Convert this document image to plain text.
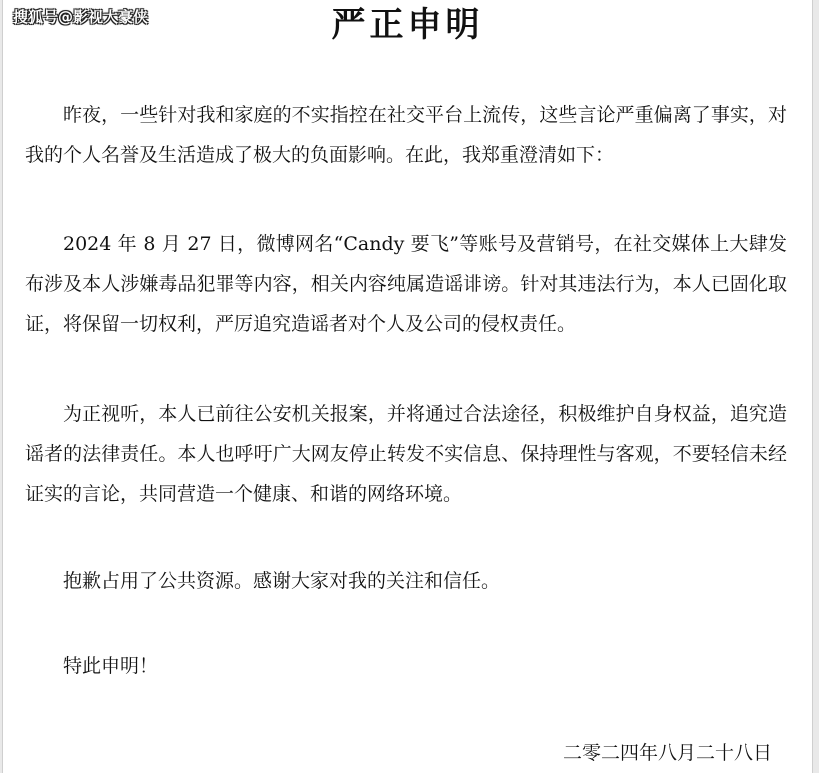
搜狐号@影视大豪侠	严正申明
昨夜，一些针对我和家庭的不实指控在社交平台上流传，这些言论严重偏离了事实，对我的个人名誉及生活造成了极大的负面影响。在此，我郑重澄清如下：
2024 年 8 月 27 日，微博网名“Candy 要飞”等账号及营销号，在社交媒体上大肆发布涉及本人涉嫌毒品犯罪等内容，相关内容纯属造谣诽谤。针对其违法行为，本人已固化取证，将保留一切权利，严厉追究造谣者对个人及公司的侵权责任。
为正视听，本人已前往公安机关报案，并将通过合法途径，积极维护自身权益，追究造谣者的法律责任。本人也呼吁广大网友停止转发不实信息、保持理性与客观，不要轻信未经证实的言论，共同营造一个健康、和谐的网络环境。
抱歉占用了公共资源。感谢大家对我的关注和信任。
特此申明！
二零二四年八月二十八日
